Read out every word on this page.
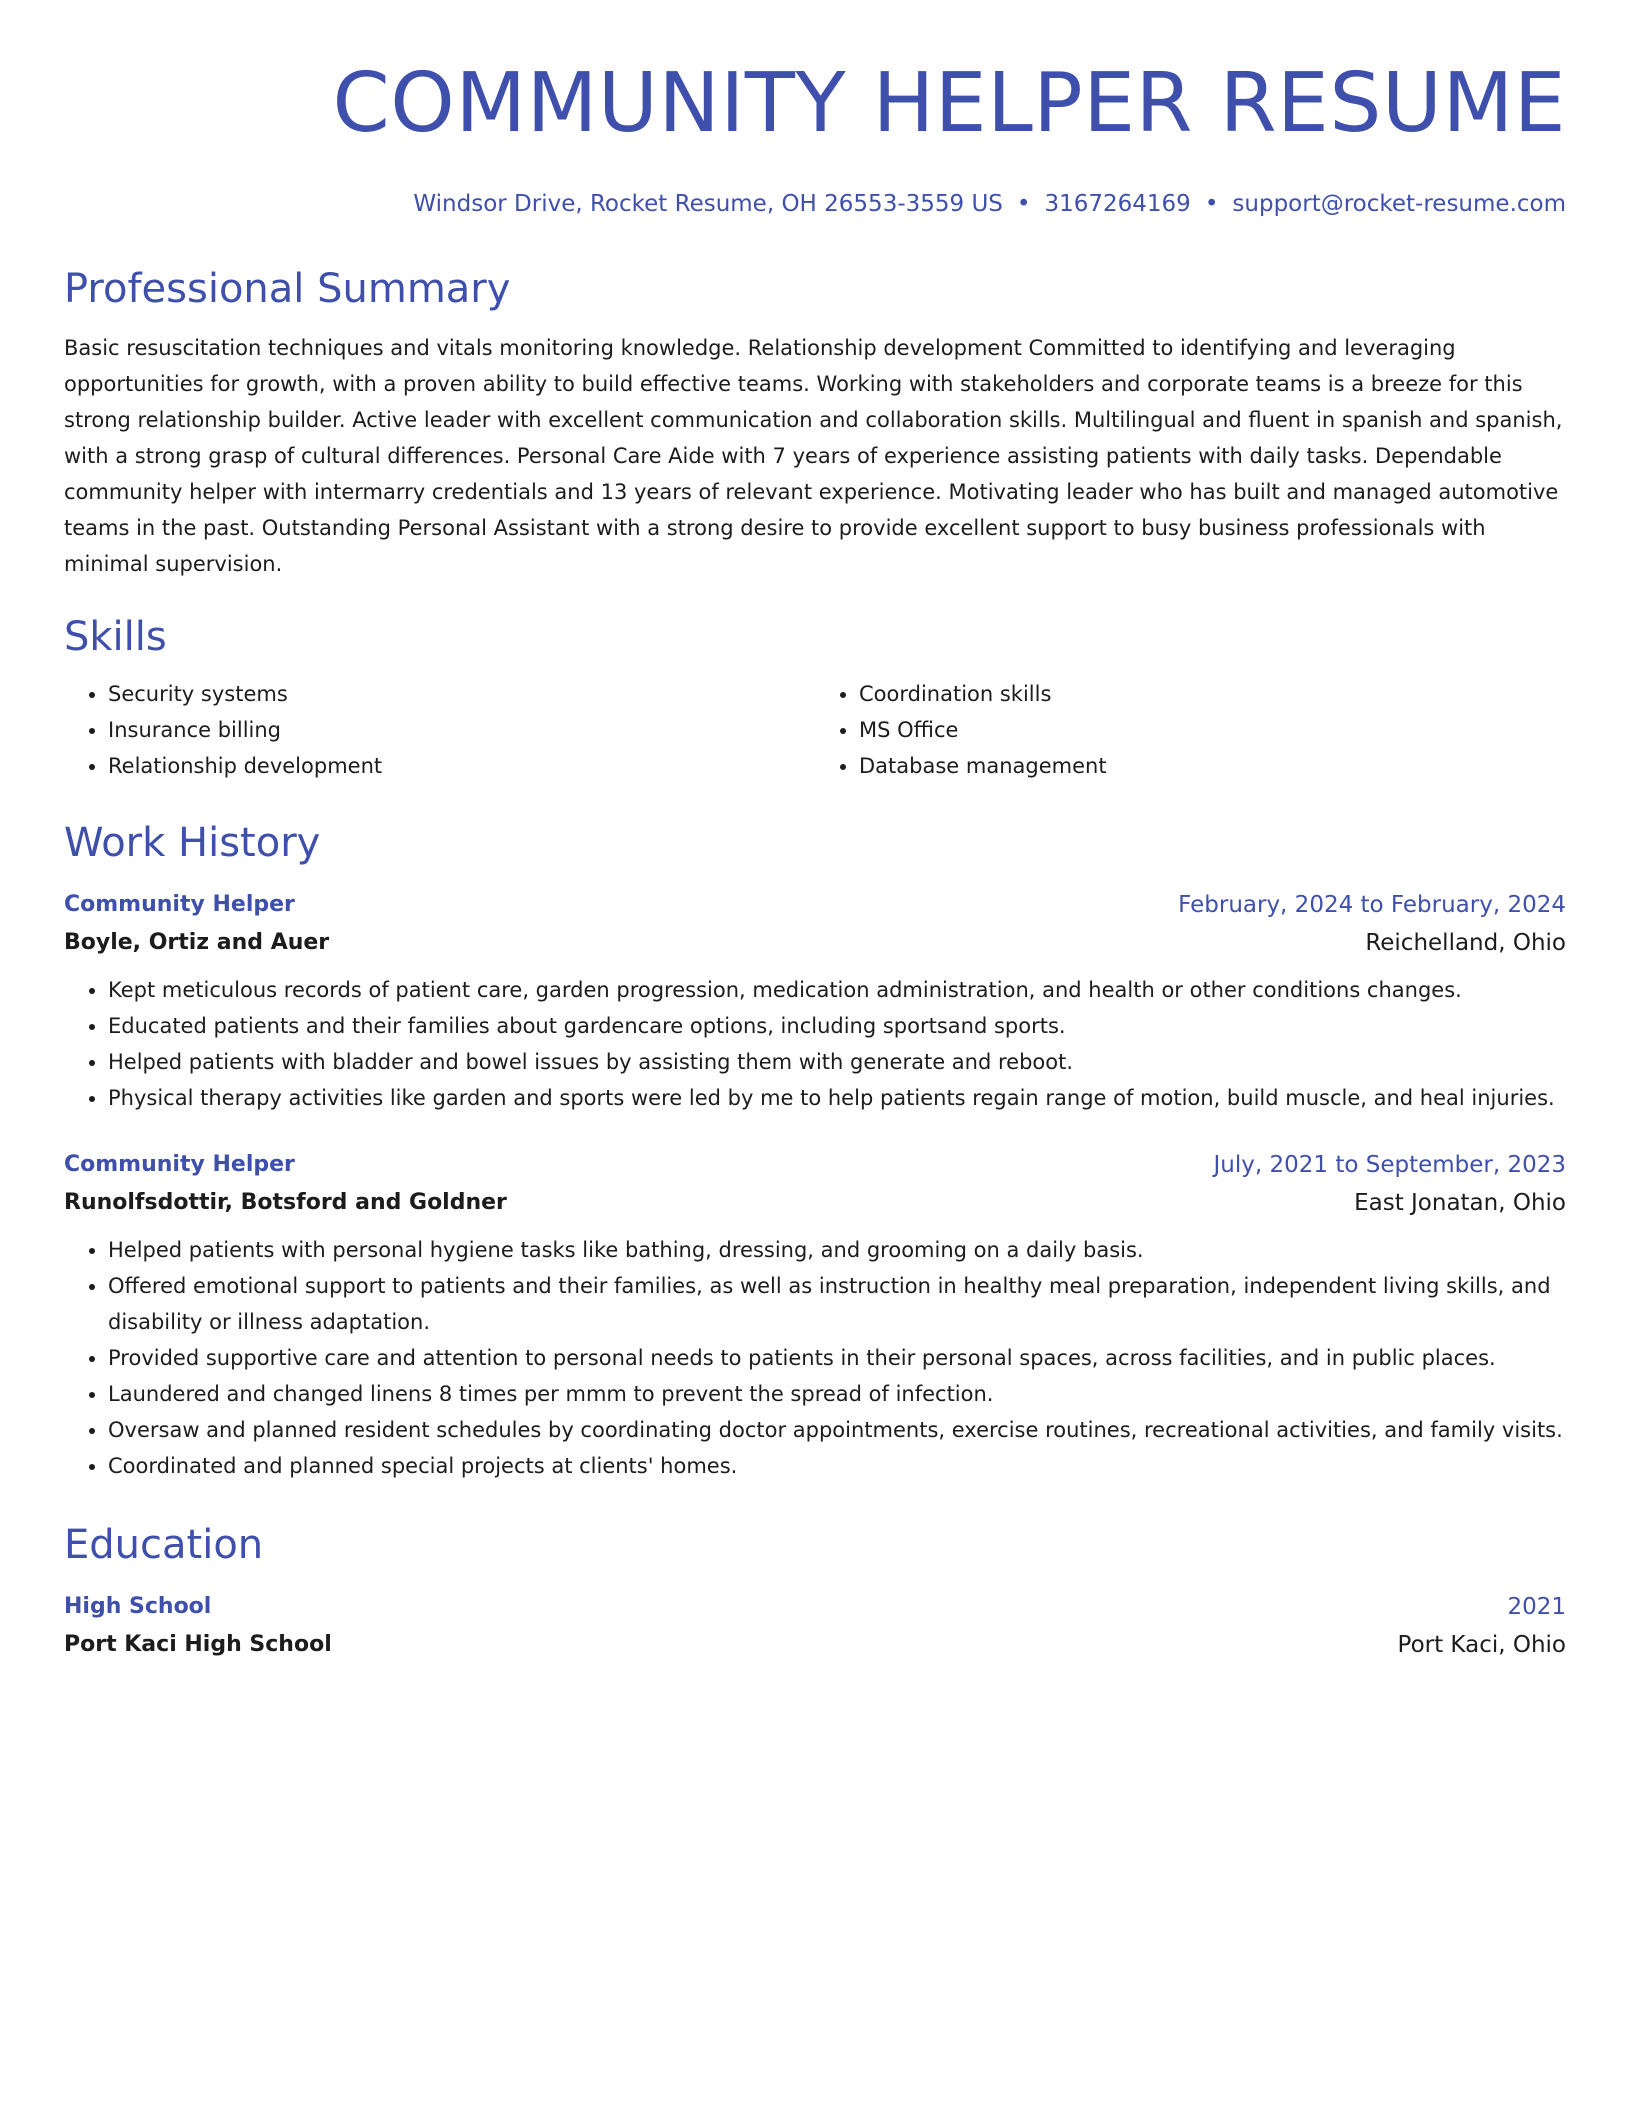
COMMUNITY HELPER RESUME
Windsor Drive, Rocket Resume, OH 26553-3559 US • 3167264169 • support@rocket-resume.com
Professional Summary

Basic resuscitation techniques and vitals monitoring knowledge. Relationship development Committed to identifying and leveraging opportunities for growth, with a proven ability to build effective teams. Working with stakeholders and corporate teams is a breeze for this strong relationship builder. Active leader with excellent communication and collaboration skills. Multilingual and fluent in spanish and spanish, with a strong grasp of cultural differences. Personal Care Aide with 7 years of experience assisting patients with daily tasks. Dependable community helper with intermarry credentials and 13 years of relevant experience. Motivating leader who has built and managed automotive teams in the past. Outstanding Personal Assistant with a strong desire to provide excellent support to busy business professionals with minimal supervision.

Skills
• Security systems
• Insurance billing
• Relationship development
• Coordination skills
• MS Office
• Database management
Work History
Community Helper	February, 2024 to February, 2024
Boyle, Ortiz and Auer	Reichelland, Ohio
• Kept meticulous records of patient care, garden progression, medication administration, and health or other conditions changes.
• Educated patients and their families about gardencare options, including sportsand sports.
• Helped patients with bladder and bowel issues by assisting them with generate and reboot.
• Physical therapy activities like garden and sports were led by me to help patients regain range of motion, build muscle, and heal injuries.
Community Helper	July, 2021 to September, 2023
Runolfsdottir, Botsford and Goldner	East Jonatan, Ohio
• Helped patients with personal hygiene tasks like bathing, dressing, and grooming on a daily basis.
• Offered emotional support to patients and their families, as well as instruction in healthy meal preparation, independent living skills, and disability or illness adaptation.
• Provided supportive care and attention to personal needs to patients in their personal spaces, across facilities, and in public places.
• Laundered and changed linens 8 times per mmm to prevent the spread of infection.
• Oversaw and planned resident schedules by coordinating doctor appointments, exercise routines, recreational activities, and family visits.
• Coordinated and planned special projects at clients' homes.
Education
High School	2021
Port Kaci High School	Port Kaci, Ohio
